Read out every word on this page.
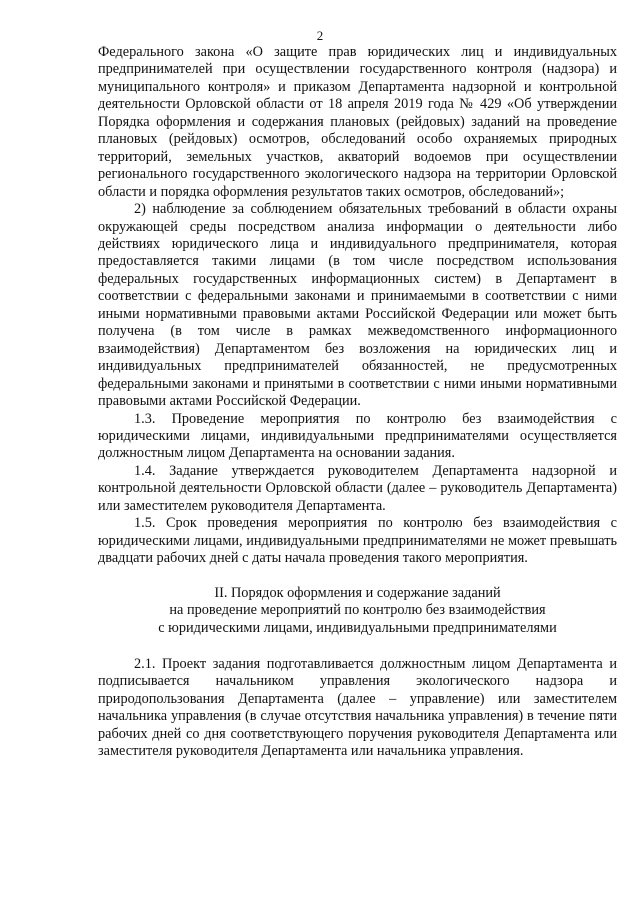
2

Федерального закона «О защите прав юридических лиц и индивидуальных предпринимателей при осуществлении государственного контроля (надзора) и муниципального контроля» и приказом Департамента надзорной и контрольной деятельности Орловской области от 18 апреля 2019 года № 429 «Об утверждении Порядка оформления и содержания плановых (рейдовых) заданий на проведение плановых (рейдовых) осмотров, обследований особо охраняемых природных территорий, земельных участков, акваторий водоемов при осуществлении регионального государственного экологического надзора на территории Орловской области и порядка оформления результатов таких осмотров, обследований»;

2) наблюдение за соблюдением обязательных требований в области охраны окружающей среды посредством анализа информации о деятельности либо действиях юридического лица и индивидуального предпринимателя, которая предоставляется такими лицами (в том числе посредством использования федеральных государственных информационных систем) в Департамент в соответствии с федеральными законами и принимаемыми в соответствии с ними иными нормативными правовыми актами Российской Федерации или может быть получена (в том числе в рамках межведомственного информационного взаимодействия) Департаментом без возложения на юридических лиц и индивидуальных предпринимателей обязанностей, не предусмотренных федеральными законами и принятыми в соответствии с ними иными нормативными правовыми актами Российской Федерации.

1.3. Проведение мероприятия по контролю без взаимодействия с юридическими лицами, индивидуальными предпринимателями осуществляется должностным лицом Департамента на основании задания.

1.4. Задание утверждается руководителем Департамента надзорной и контрольной деятельности Орловской области (далее – руководитель Департамента) или заместителем руководителя Департамента.

1.5. Срок проведения мероприятия по контролю без взаимодействия с юридическими лицами, индивидуальными предпринимателями не может превышать двадцати рабочих дней с даты начала проведения такого мероприятия.

II. Порядок оформления и содержание заданий

на проведение мероприятий по контролю без взаимодействия

с юридическими лицами, индивидуальными предпринимателями

2.1. Проект задания подготавливается должностным лицом Департамента и подписывается начальником управления экологического надзора и природопользования Департамента (далее – управление) или заместителем начальника управления (в случае отсутствия начальника управления) в течение пяти рабочих дней со дня соответствующего поручения руководителя Департамента или заместителя руководителя Департамента или начальника управления.
